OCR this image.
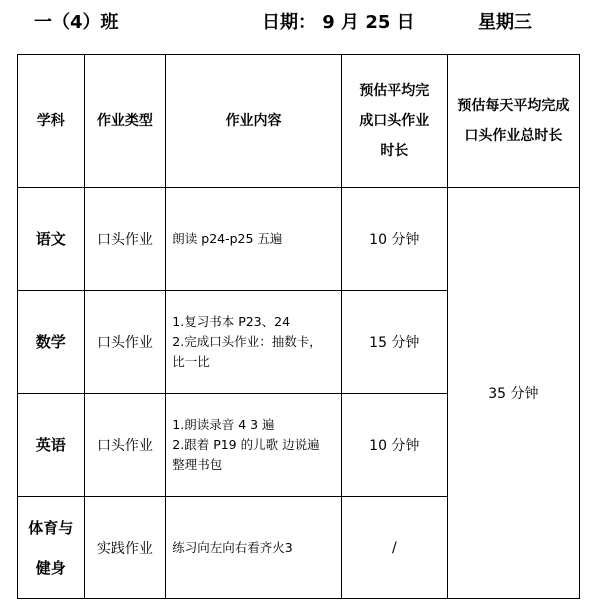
一（4）班	日期： 9 月 25 日	星期三
学科	作业类型	作业内容	预估平均完
成口头作业
时长	预估每天平均完成
口头作业总时长

语文	口头作业	朗读 p24-p25 五遍	10 分钟	35 分钟

数学	口头作业	1.复习书本 P23、24
2.完成口头作业：抽数卡，
比一比	15 分钟	

英语	口头作业	1.朗读录音 4 3 遍
2.跟着 P19 的儿歌 边说遍
整理书包	10 分钟	

体育与
健身	实践作业	练习向左向右看齐火3	/	
